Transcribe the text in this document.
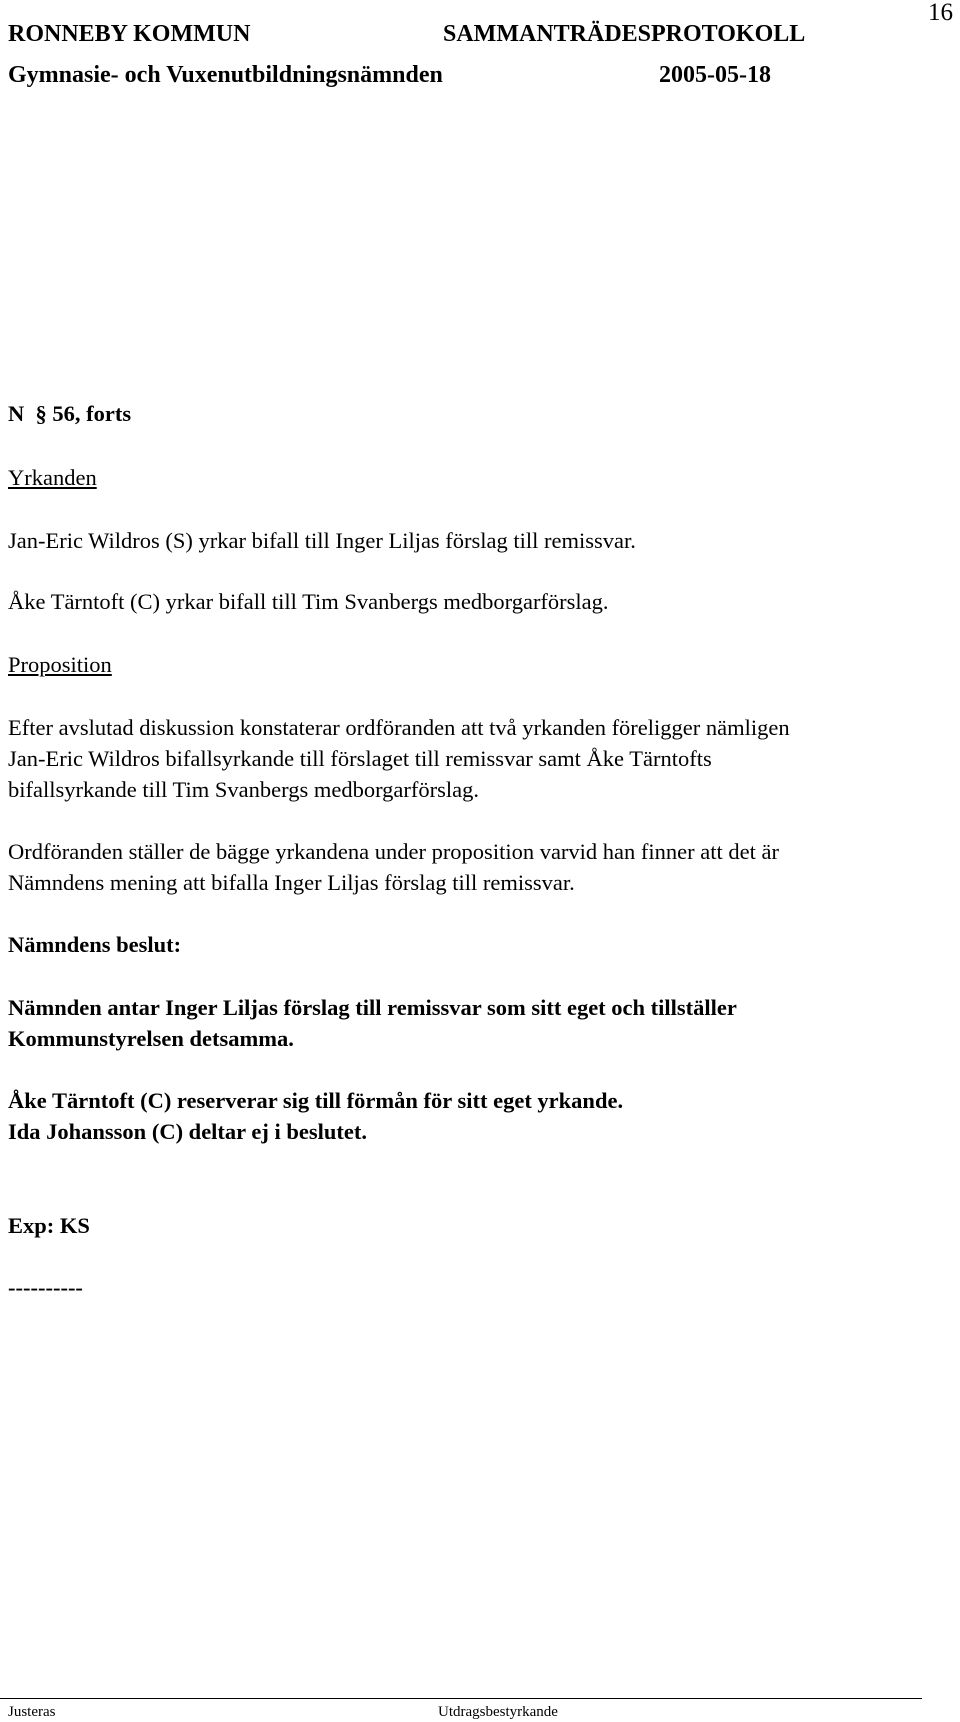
16
RONNEBY KOMMUN	SAMMANTRÄDESPROTOKOLL
Gymnasie- och Vuxenutbildningsnämnden	2005-05-18
N  § 56, forts
Yrkanden
Jan-Eric Wildros (S) yrkar bifall till Inger Liljas förslag till remissvar.
Åke Tärntoft (C) yrkar bifall till Tim Svanbergs medborgarförslag.
Proposition
Efter avslutad diskussion konstaterar ordföranden att två yrkanden föreligger nämligen
Jan-Eric Wildros bifallsyrkande till förslaget till remissvar samt Åke Tärntofts
bifallsyrkande till Tim Svanbergs medborgarförslag.
Ordföranden ställer de bägge yrkandena under proposition varvid han finner att det är
Nämndens mening att bifalla Inger Liljas förslag till remissvar.
Nämndens beslut:
Nämnden antar Inger Liljas förslag till remissvar som sitt eget och tillställer
Kommunstyrelsen detsamma.
Åke Tärntoft (C) reserverar sig till förmån för sitt eget yrkande.
Ida Johansson (C) deltar ej i beslutet.
Exp: KS
----------
Justeras	Utdragsbestyrkande
